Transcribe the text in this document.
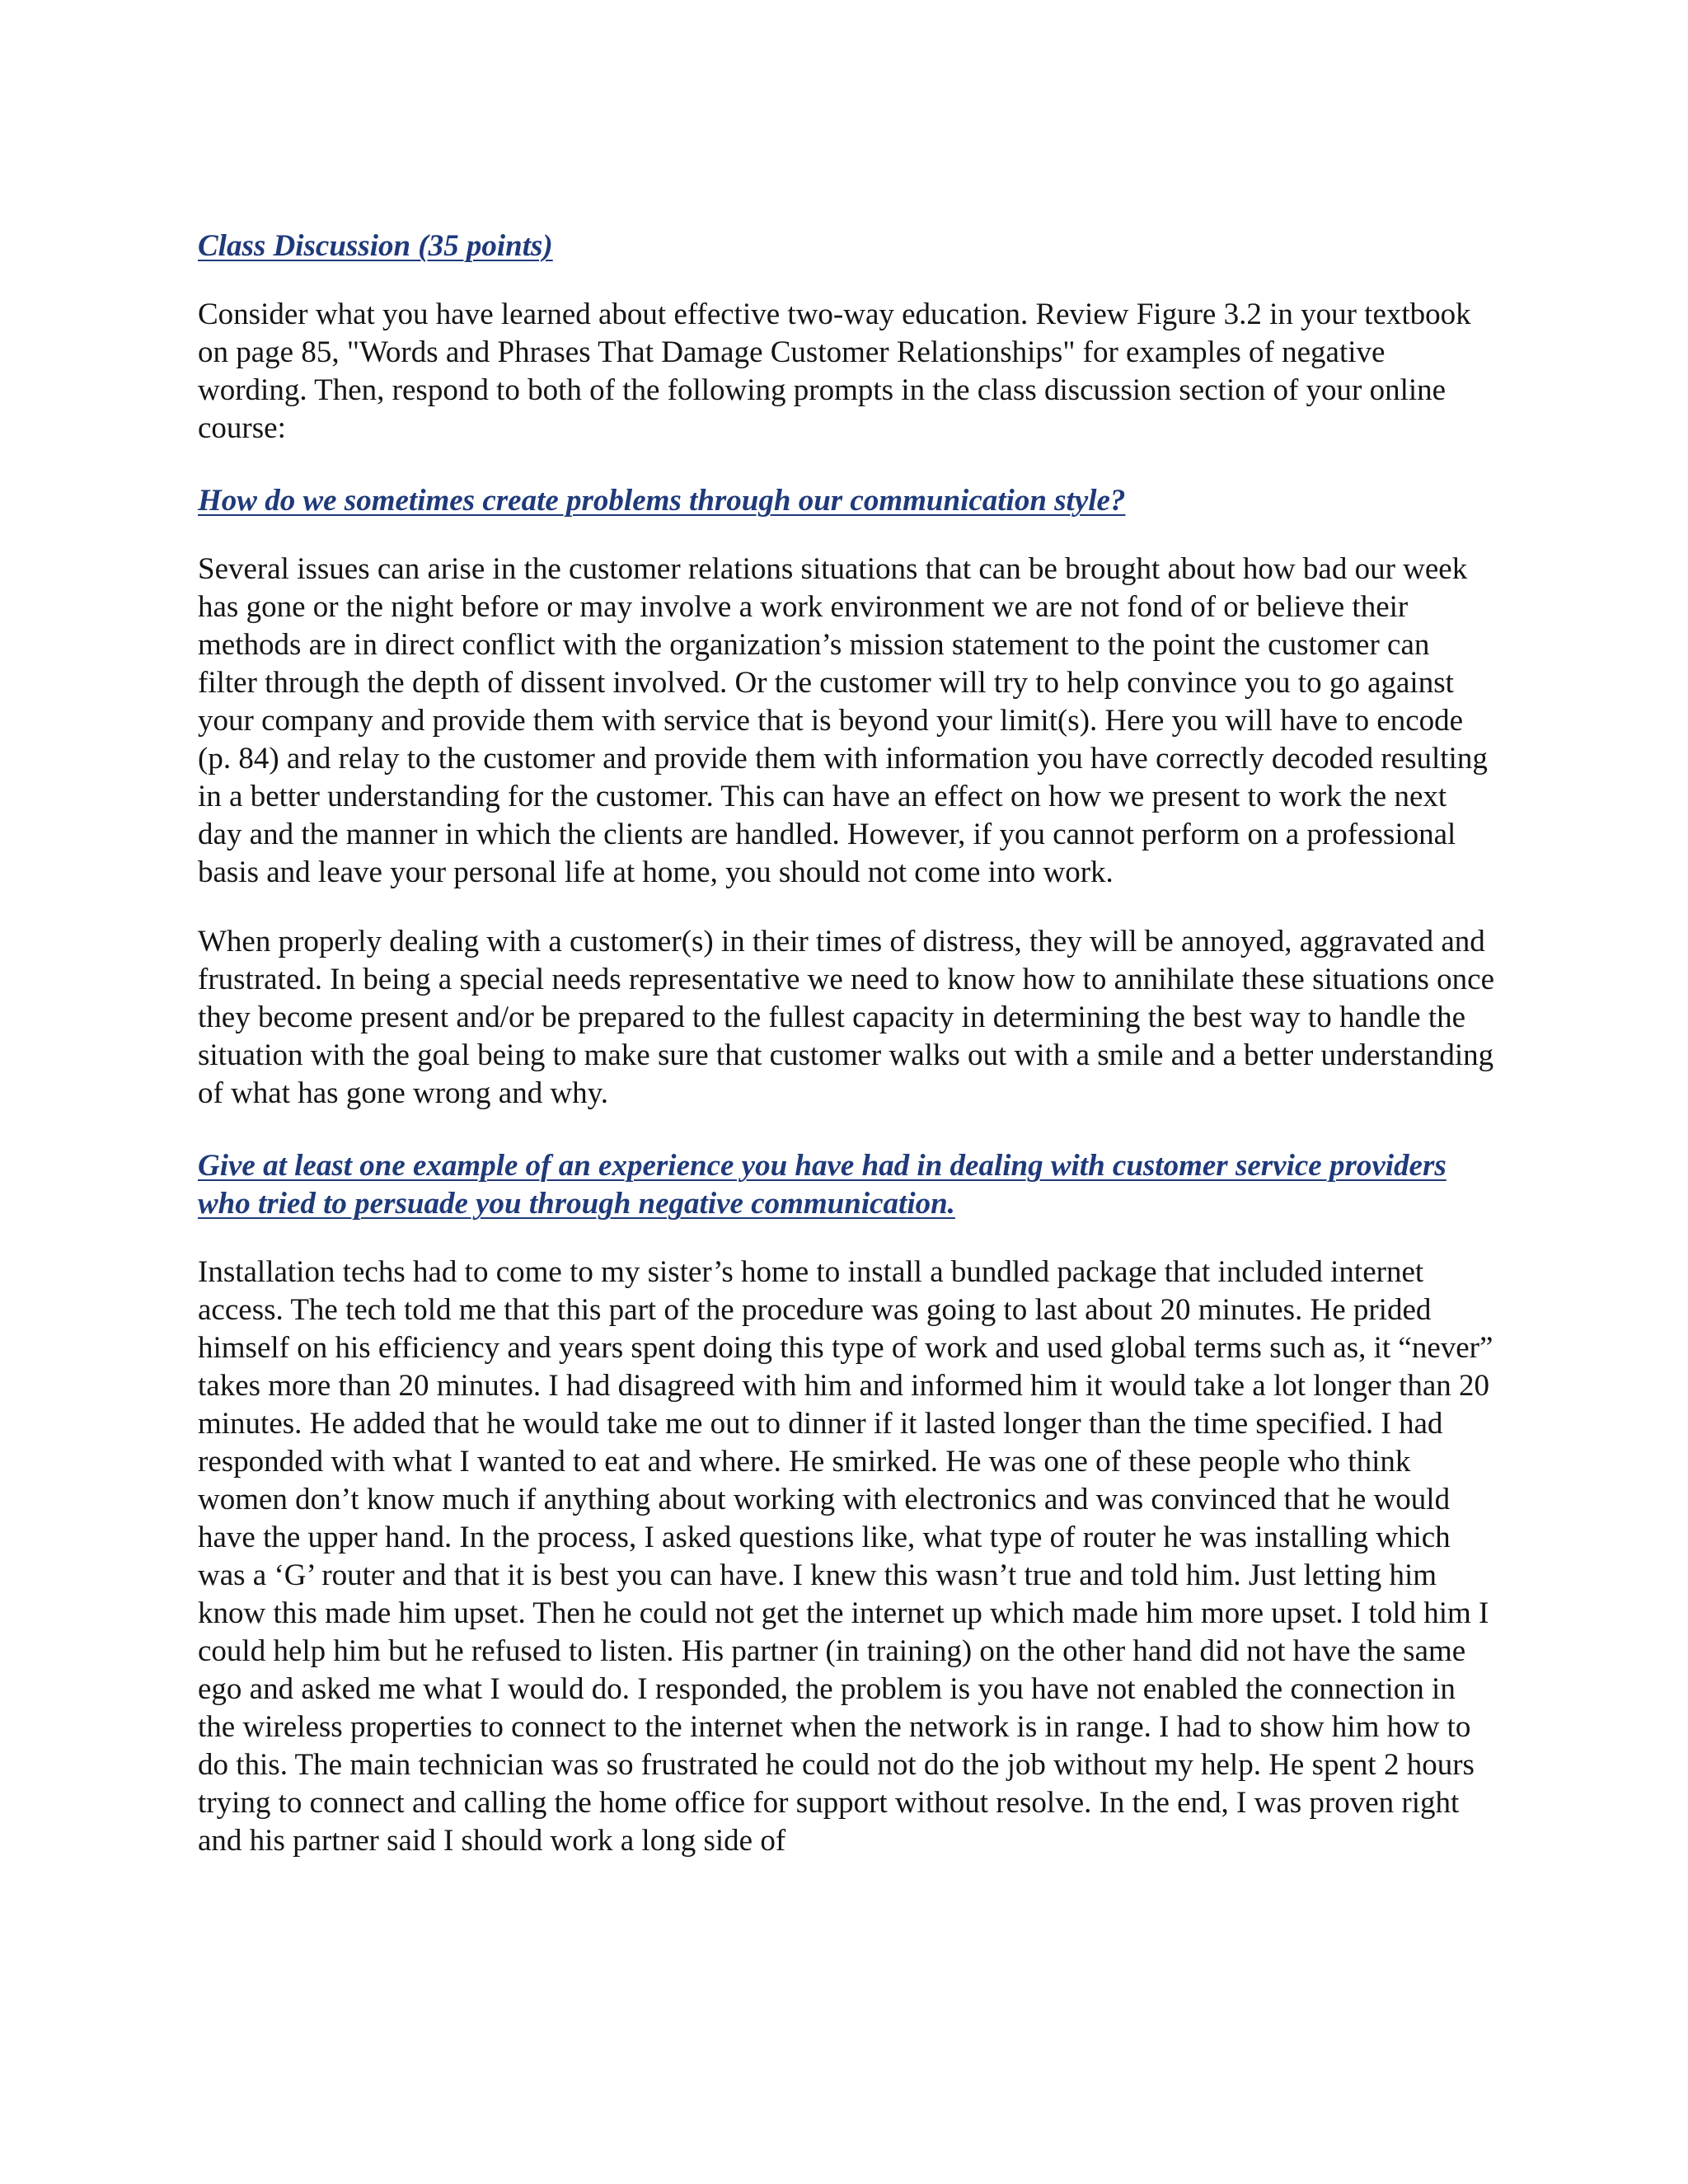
Class Discussion (35 points)

Consider what you have learned about effective two-way education. Review Figure 3.2 in your textbook on page 85, "Words and Phrases That Damage Customer Relationships" for examples of negative wording. Then, respond to both of the following prompts in the class discussion section of your online course:

How do we sometimes create problems through our communication style?

Several issues can arise in the customer relations situations that can be brought about how bad our week has gone or the night before or may involve a work environment we are not fond of or believe their methods are in direct conflict with the organization’s mission statement to the point the customer can filter through the depth of dissent involved. Or the customer will try to help convince you to go against your company and provide them with service that is beyond your limit(s). Here you will have to encode (p. 84) and relay to the customer and provide them with information you have correctly decoded resulting in a better understanding for the customer. This can have an effect on how we present to work the next day and the manner in which the clients are handled. However, if you cannot perform on a professional basis and leave your personal life at home, you should not come into work.

When properly dealing with a customer(s) in their times of distress, they will be annoyed, aggravated and frustrated. In being a special needs representative we need to know how to annihilate these situations once they become present and/or be prepared to the fullest capacity in determining the best way to handle the situation with the goal being to make sure that customer walks out with a smile and a better understanding of what has gone wrong and why.

Give at least one example of an experience you have had in dealing with customer service providers who tried to persuade you through negative communication.

Installation techs had to come to my sister’s home to install a bundled package that included internet access. The tech told me that this part of the procedure was going to last about 20 minutes. He prided himself on his efficiency and years spent doing this type of work and used global terms such as, it “never” takes more than 20 minutes. I had disagreed with him and informed him it would take a lot longer than 20 minutes. He added that he would take me out to dinner if it lasted longer than the time specified. I had responded with what I wanted to eat and where. He smirked. He was one of these people who think women don’t know much if anything about working with electronics and was convinced that he would have the upper hand. In the process, I asked questions like, what type of router he was installing which was a ‘G’ router and that it is best you can have. I knew this wasn’t true and told him. Just letting him know this made him upset. Then he could not get the internet up which made him more upset. I told him I could help him but he refused to listen. His partner (in training) on the other hand did not have the same ego and asked me what I would do. I responded, the problem is you have not enabled the connection in the wireless properties to connect to the internet when the network is in range. I had to show him how to do this. The main technician was so frustrated he could not do the job without my help. He spent 2 hours trying to connect and calling the home office for support without resolve. In the end, I was proven right and his partner said I should work a long side of
